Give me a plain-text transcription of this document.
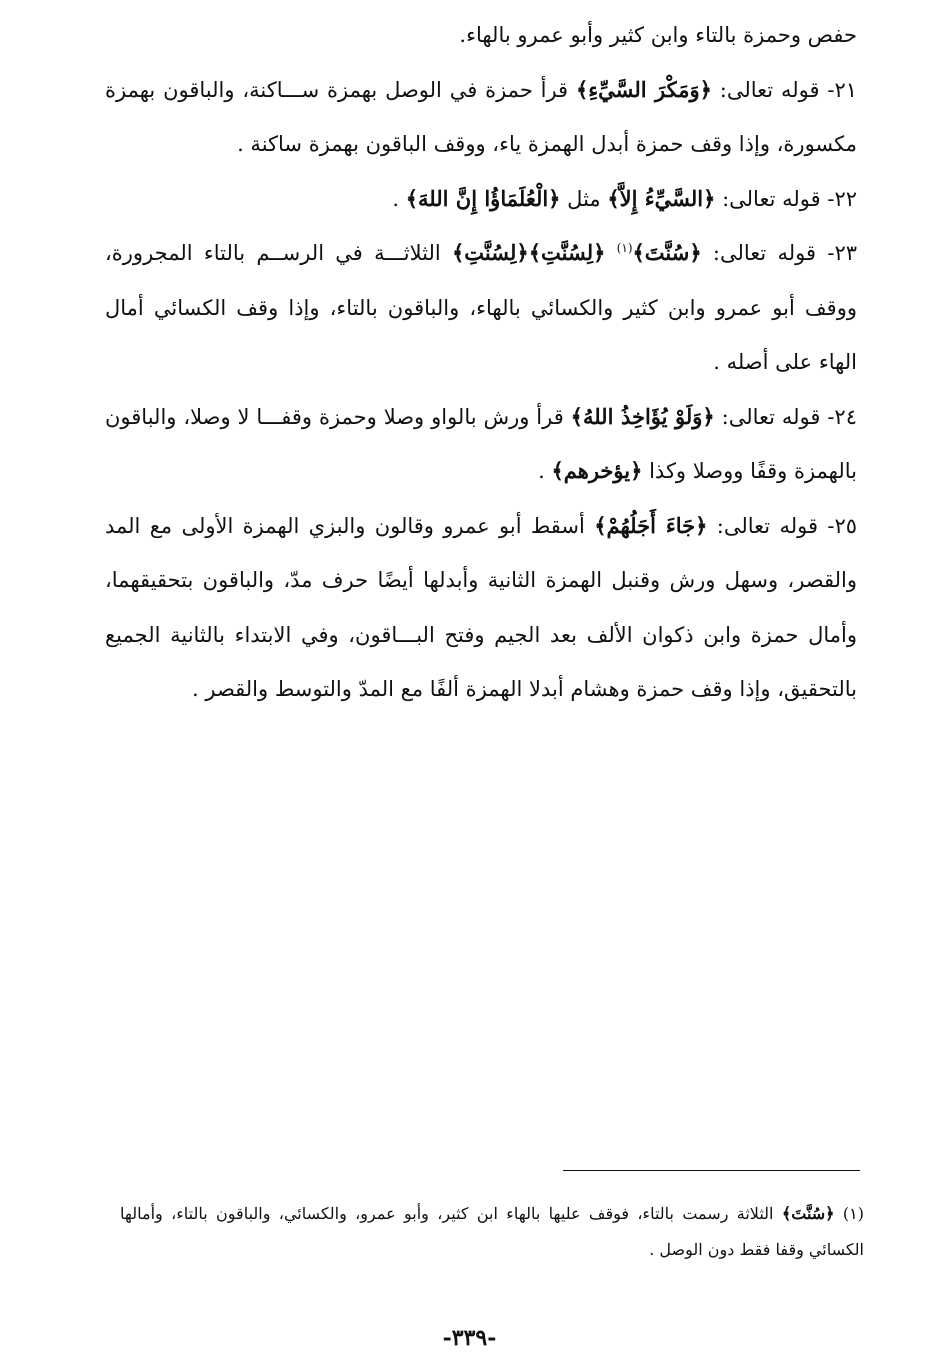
حفص وحمزة بالتاء وابن كثير وأبو عمرو بالهاء.

٢١- قوله تعالى: ﴿وَمَكْرَ السَّيِّءِ﴾ قرأ حمزة في الوصل بهمزة ســـاكنة، والباقون بهمزة مكسورة، وإذا وقف حمزة أبدل الهمزة ياء، ووقف الباقون بهمزة ساكنة .

٢٢- قوله تعالى: ﴿السَّيِّءُ إِلاَّ﴾ مثل ﴿الْعُلَمَاؤُا إِنَّ اللهَ﴾ .

٢٣- قوله تعالى: ﴿سُنَّتَ﴾$^{(١)}$ ﴿لِسُنَّتِ﴾﴿لِسُنَّتِ﴾ الثلاثـــة في الرســم بالتاء المجرورة، ووقف أبو عمرو وابن كثير والكسائي بالهاء، والباقون بالتاء، وإذا وقف الكسائي أمال الهاء على أصله .

٢٤- قوله تعالى: ﴿وَلَوْ يُؤَاخِذُ اللهُ﴾ قرأ ورش بالواو وصلا وحمزة وقفـــا لا وصلا، والباقون بالهمزة وقفًا ووصلا وكذا ﴿يؤخرهم﴾ .

٢٥- قوله تعالى: ﴿جَاءَ أَجَلُهُمْ﴾ أسقط أبو عمرو وقالون والبزي الهمزة الأولى مع المد والقصر، وسهل ورش وقنبل الهمزة الثانية وأبدلها أيضًا حرف مدّ، والباقون بتحقيقهما، وأمال حمزة وابن ذكوان الألف بعد الجيم وفتح البـــاقون، وفي الابتداء بالثانية الجميع بالتحقيق، وإذا وقف حمزة وهشام أبدلا الهمزة ألفًا مع المدّ والتوسط والقصر .

(١) ﴿سُنَّتَ﴾ الثلاثة رسمت بالتاء، فوقف عليها بالهاء ابن كثير، وأبو عمرو، والكسائي، والباقون بالتاء، وأمالها الكسائي وقفا فقط دون الوصل .
-٣٣٩-
